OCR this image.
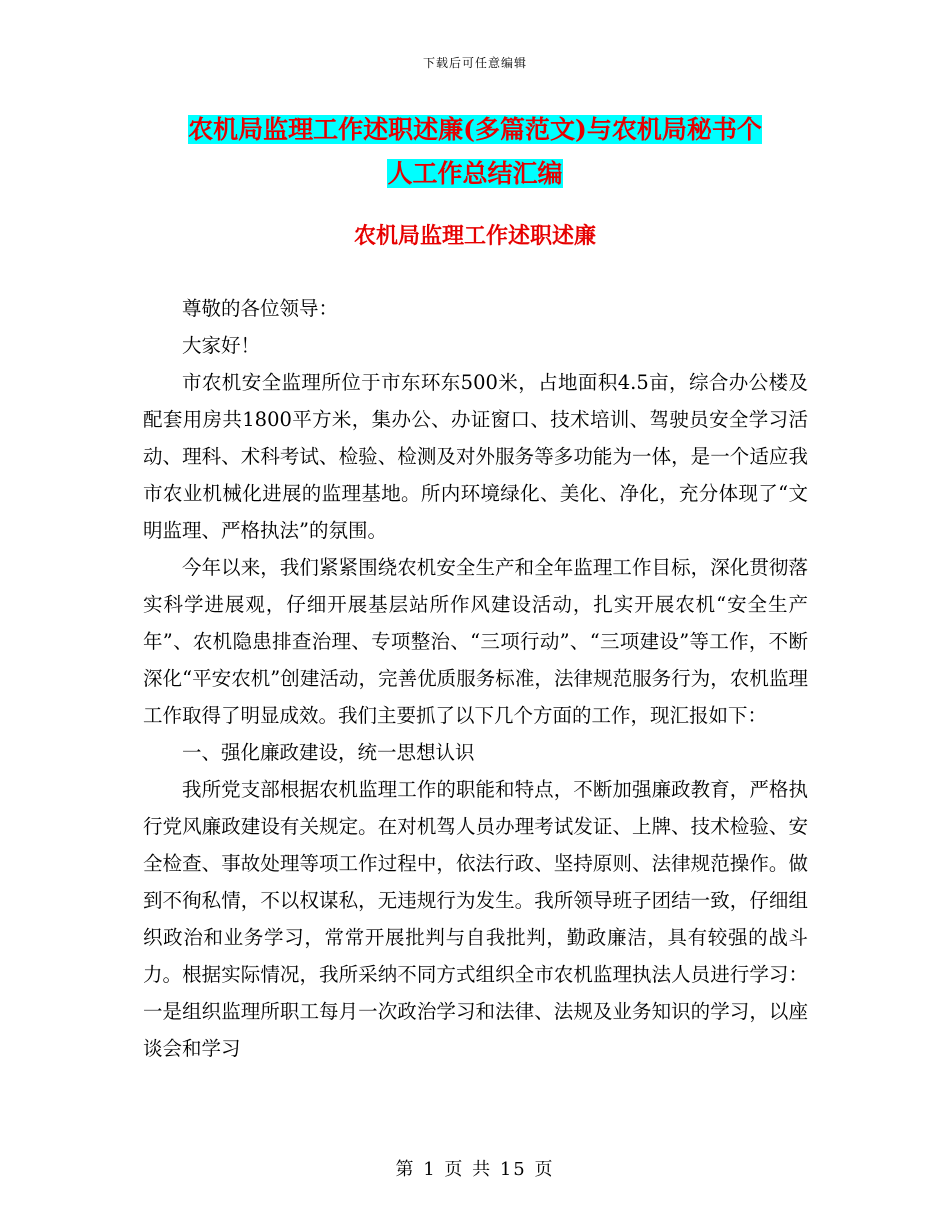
下载后可任意编辑
农机局监理工作述职述廉(多篇范文)与农机局秘书个
人工作总结汇编
农机局监理工作述职述廉

尊敬的各位领导：

大家好！

市农机安全监理所位于市东环东500米，占地面积4.5亩，综合办公楼及配套用房共1800平方米，集办公、办证窗口、技术培训、驾驶员安全学习活动、理科、术科考试、检验、检测及对外服务等多功能为一体，是一个适应我市农业机械化进展的监理基地。所内环境绿化、美化、净化，充分体现了“文明监理、严格执法”的氛围。

今年以来，我们紧紧围绕农机安全生产和全年监理工作目标，深化贯彻落实科学进展观，仔细开展基层站所作风建设活动，扎实开展农机“安全生产年”、农机隐患排查治理、专项整治、“三项行动”、“三项建设”等工作，不断深化“平安农机”创建活动，完善优质服务标准，法律规范服务行为，农机监理工作取得了明显成效。我们主要抓了以下几个方面的工作，现汇报如下：

一、强化廉政建设，统一思想认识

我所党支部根据农机监理工作的职能和特点，不断加强廉政教育，严格执行党风廉政建设有关规定。在对机驾人员办理考试发证、上牌、技术检验、安全检查、事故处理等项工作过程中，依法行政、坚持原则、法律规范操作。做到不徇私情，不以权谋私，无违规行为发生。我所领导班子团结一致，仔细组织政治和业务学习，常常开展批判与自我批判，勤政廉洁，具有较强的战斗力。根据实际情况，我所采纳不同方式组织全市农机监理执法人员进行学习：一是组织监理所职工每月一次政治学习和法律、法规及业务知识的学习，以座谈会和学习

第 1 页 共 15 页
